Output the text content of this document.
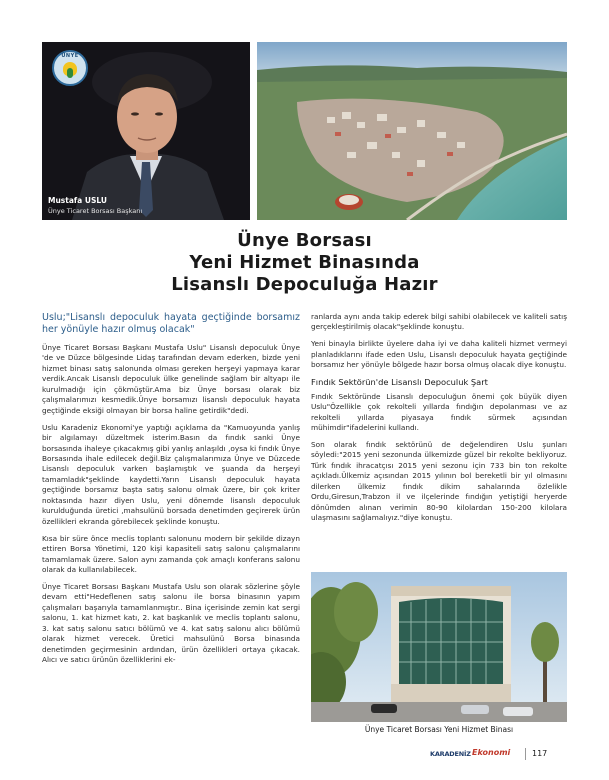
ÜNYE
Mustafa USLU
Ünye Ticaret Borsası Başkanı
Ünye Borsası
Yeni Hizmet Binasında
Lisanslı Depoculuğa Hazır
Uslu;"Lisanslı depoculuk hayata geçtiğinde borsamız her yönüyle hazır olmuş olacak"

Ünye Ticaret Borsası Başkanı Mustafa Uslu" Lisanslı depoculuk Ünye 'de ve Düzce bölgesinde Lidaş tarafından devam ederken, bizde yeni hizmet binası satış salonunda olması gereken herşeyi yapmaya karar verdik.Ancak Lisanslı depoculuk ülke genelinde sağlam bir altyapı ile kurulmadığı için çökmüştür.Ama biz Ünye borsası olarak biz çalışmalarımızı kesmedik.Ünye borsamızı lisanslı depoculuk hayata geçtiğinde eksiği olmayan bir borsa haline getirdik"dedi.

Uslu Karadeniz Ekonomi'ye yaptığı açıklama da "Kamuoyunda yanlış bir algılamayı düzeltmek isterim.Basın da fındık sanki Ünye borsasında ihaleye çıkacakmış gibi yanlış anlaşıldı ,oysa ki fındık Ünye Borsasında ihale edilecek değil.Biz çalışmalarımıza Ünye ve Düzcede Lisanslı depoculuk varken başlamıştık ve şuanda da herşeyi tamamladık"şeklinde kaydetti.Yarın Lisanslı depoculuk hayata geçtiğinde borsamız başta satış salonu olmak üzere, bir çok kriter noktasında hazır diyen Uslu, yeni dönemde lisanslı depoculuk kurulduğunda üretici ,mahsulünü borsada denetimden geçirerek ürün özellikleri ekranda görebilecek şeklinde konuştu.

Kısa bir süre önce meclis toplantı salonunu modern bir şekilde dizayn ettiren Borsa Yönetimi, 120 kişi kapasiteli satış salonu çalışmalarını tamamlamak üzere. Salon aynı zamanda çok amaçlı konferans salonu olarak da kullanılabilecek.

Ünye Ticaret Borsası Başkanı Mustafa Uslu son olarak sözlerine şöyle devam etti"Hedeflenen satış salonu ile borsa binasının yapım çalışmaları başarıyla tamamlanmıştır.. Bina içerisinde zemin kat sergi salonu, 1. kat hizmet katı, 2. kat başkanlık ve meclis toplantı salonu, 3. kat satış salonu satıcı bölümü ve 4. kat satış salonu alıcı bölümü olarak hizmet verecek. Üretici mahsulünü Borsa binasında denetimden geçirmesinin ardından, ürün özellikleri ortaya çıkacak. Alıcı ve satıcı ürünün özelliklerini ek-

ranlarda aynı anda takip ederek bilgi sahibi olabilecek ve kaliteli satış gerçekleştirilmiş olacak"şeklinde konuştu.

Yeni binayla birlikte üyelere daha iyi ve daha kaliteli hizmet vermeyi planladıklarını ifade eden Uslu, Lisanslı depoculuk hayata geçtiğinde borsamız her yönüyle bölgede hazır borsa olmuş olacak diye konuştu.

Fındık Sektörün'de Lisanslı Depoculuk Şart

Fındık Sektöründe Lisanslı depoculuğun önemi çok büyük diyen Uslu"Özellikle çok rekolteli yıllarda fındığın depolanması ve az rekolteli yıllarda piyasaya fındık sürmek açısından mühimdir"ifadelerini kullandı.

Son olarak fındık sektörünü de değelendiren Uslu şunları söyledi:"2015 yeni sezonunda ülkemizde güzel bir rekolte bekliyoruz. Türk fındık ihracatçısı 2015 yeni sezonu için 733 bin ton rekolte açıkladı.Ülkemiz açısından 2015 yılının bol bereketli bir yıl olmasını dilerken ülkemiz fındık dikim sahalarında özlelikle Ordu,Giresun,Trabzon il ve ilçelerinde fındığın yetiştiği heryerde dönümden alınan verimin 80-90 kilolardan 150-200 kilolara ulaşmasını sağlamalıyız."diye konuştu.

Ünye Ticaret Borsası Yeni Hizmet Binası
KARADENİZ Ekonomi	117
